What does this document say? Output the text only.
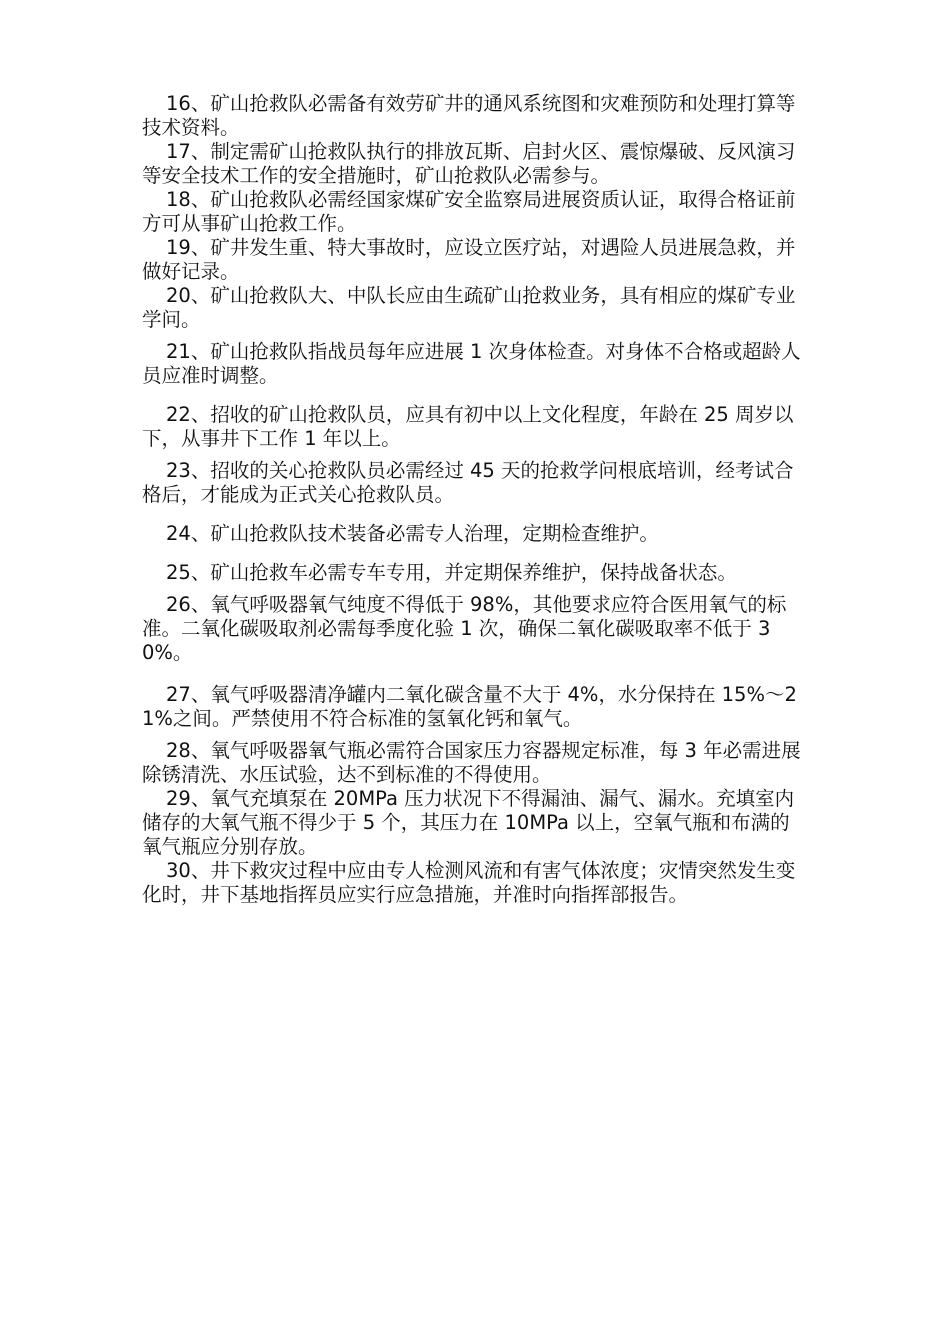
16、矿山抢救队必需备有效劳矿井的通风系统图和灾难预防和处理打算等技术资料。

17、制定需矿山抢救队执行的排放瓦斯、启封火区、震惊爆破、反风演习等安全技术工作的安全措施时，矿山抢救队必需参与。

18、矿山抢救队必需经国家煤矿安全监察局进展资质认证，取得合格证前方可从事矿山抢救工作。

19、矿井发生重、特大事故时，应设立医疗站，对遇险人员进展急救，并做好记录。

20、矿山抢救队大、中队长应由生疏矿山抢救业务，具有相应的煤矿专业学问。

21、矿山抢救队指战员每年应进展 1 次身体检查。对身体不合格或超龄人员应准时调整。

22、招收的矿山抢救队员，应具有初中以上文化程度，年龄在 25 周岁以下，从事井下工作 1 年以上。

23、招收的关心抢救队员必需经过 45 天的抢救学问根底培训，经考试合格后，才能成为正式关心抢救队员。

24、矿山抢救队技术装备必需专人治理，定期检查维护。

25、矿山抢救车必需专车专用，并定期保养维护，保持战备状态。

26、氧气呼吸器氧气纯度不得低于 98%，其他要求应符合医用氧气的标准。二氧化碳吸取剂必需每季度化验 1 次，确保二氧化碳吸取率不低于 30%。

27、氧气呼吸器清净罐内二氧化碳含量不大于 4%，水分保持在 15%～21%之间。严禁使用不符合标准的氢氧化钙和氧气。

28、氧气呼吸器氧气瓶必需符合国家压力容器规定标准，每 3 年必需进展除锈清洗、水压试验，达不到标准的不得使用。

29、氧气充填泵在 20MPa 压力状况下不得漏油、漏气、漏水。充填室内储存的大氧气瓶不得少于 5 个，其压力在 10MPa 以上，空氧气瓶和布满的氧气瓶应分别存放。

30、井下救灾过程中应由专人检测风流和有害气体浓度；灾情突然发生变化时，井下基地指挥员应实行应急措施，并准时向指挥部报告。
